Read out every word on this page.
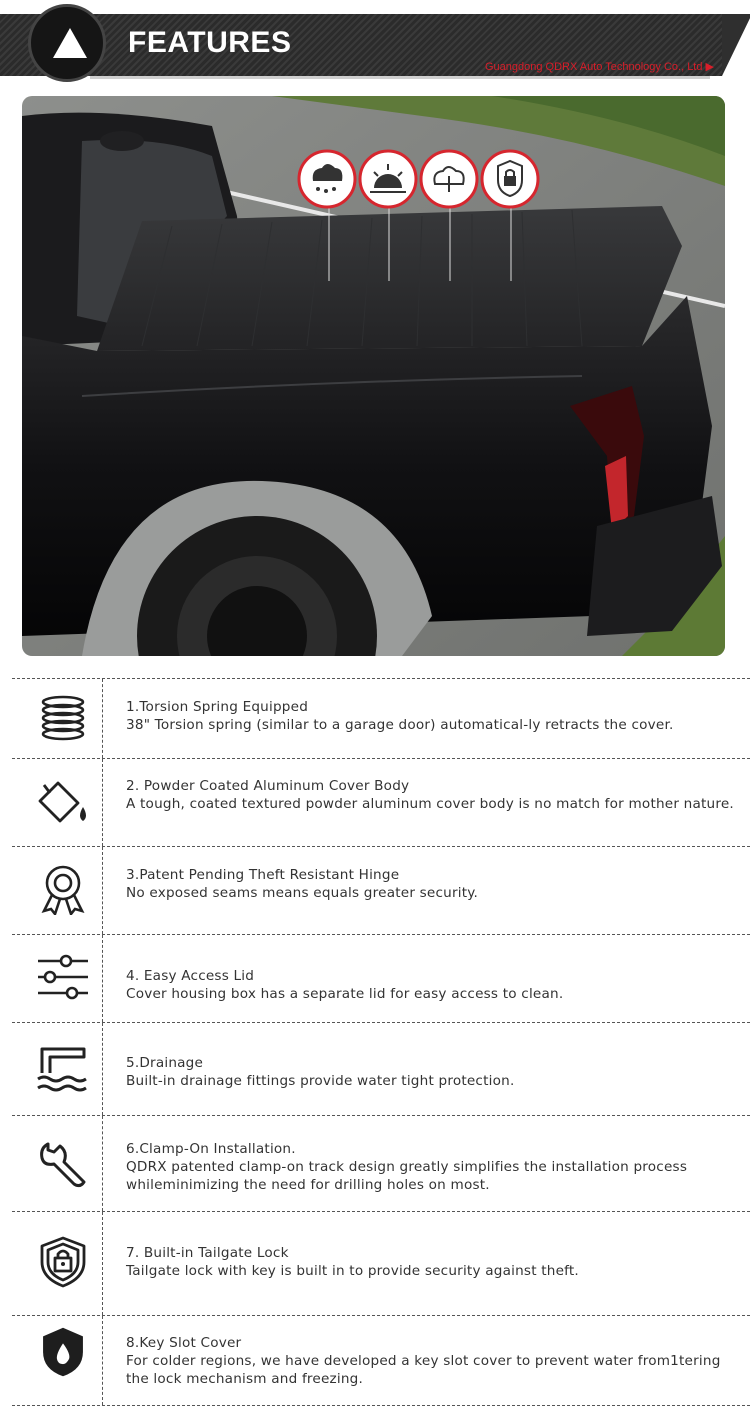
FEATURES
Guangdong QDRX Auto Technology Co., Ltd ▶
1.Torsion Spring Equipped
38" Torsion spring (similar to a garage door) automatical-ly retracts the cover.
2. Powder Coated Aluminum Cover Body
A tough, coated textured powder aluminum cover body is no match for mother nature.
3.Patent Pending Theft Resistant Hinge
No exposed seams means equals greater security.
4. Easy Access Lid
Cover housing box has a separate lid for easy access to clean.
5.Drainage
Built-in drainage fittings provide water tight protection.
6.Clamp-On Installation.
QDRX patented clamp-on track design greatly simplifies the installation process
whileminimizing the need for drilling holes on most.
7. Built-in Tailgate Lock
Tailgate lock with key is built in to provide security against theft.
8.Key Slot Cover
For colder regions, we have developed a key slot cover to prevent water from1tering
the lock mechanism and freezing.
